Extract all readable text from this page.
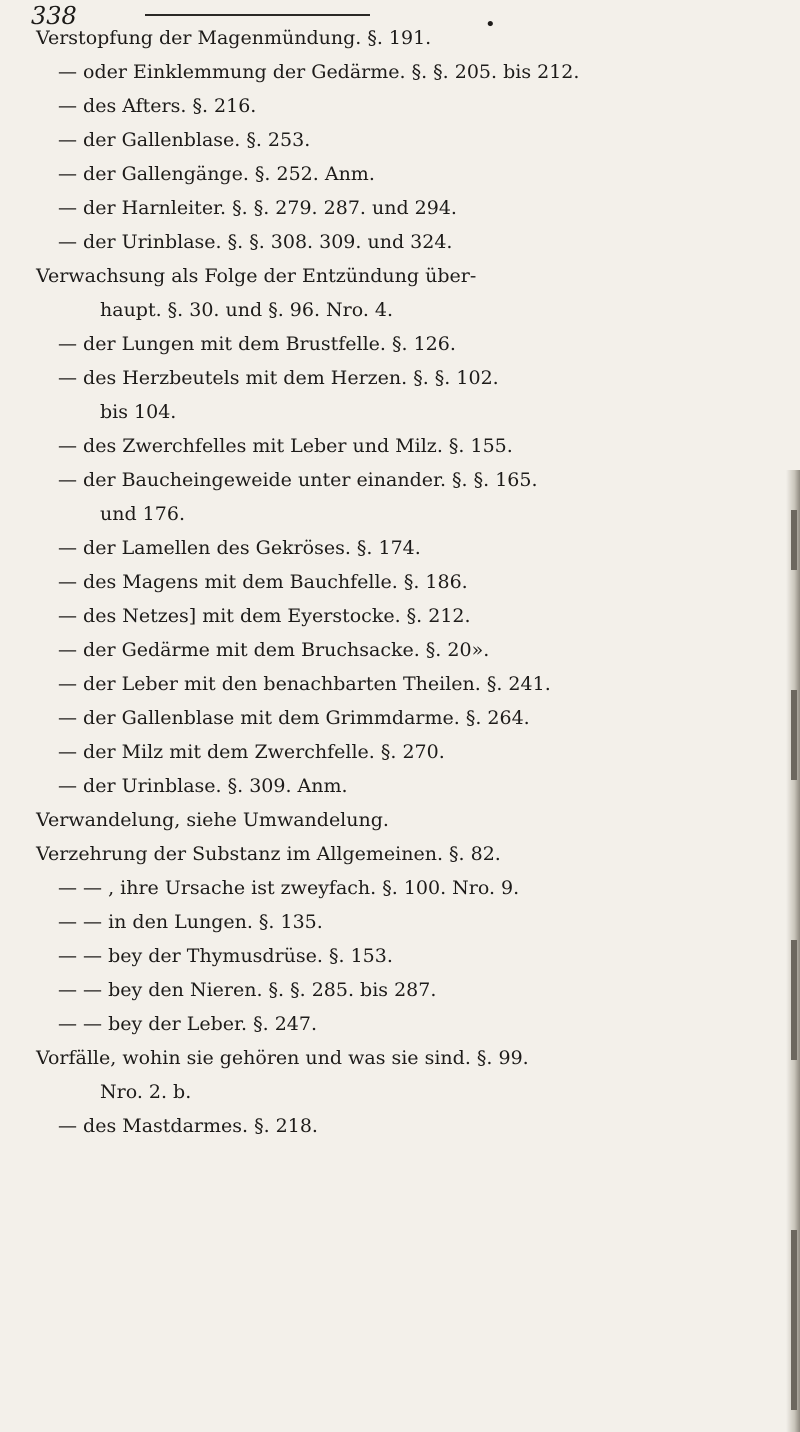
338	•
Verstopfung der Magenmündung. §. 191.
— oder Einklemmung der Gedärme. §. §. 205. bis 212.
— des Afters. §. 216.
— der Gallenblase. §. 253.
— der Gallengänge. §. 252. Anm.
— der Harnleiter. §. §. 279. 287. und 294.
— der Urinblase. §. §. 308. 309. und 324.
Verwachsung als Folge der Entzündung über-
haupt. §. 30. und §. 96. Nro. 4.
— der Lungen mit dem Brustfelle. §. 126.
— des Herzbeutels mit dem Herzen. §. §. 102.
bis 104.
— des Zwerchfelles mit Leber und Milz. §. 155.
— der Baucheingeweide unter einander. §. §. 165.
und 176.
— der Lamellen des Gekröses. §. 174.
— des Magens mit dem Bauchfelle. §. 186.
— des Netzes] mit dem Eyerstocke. §. 212.
— der Gedärme mit dem Bruchsacke. §. 20».
— der Leber mit den benachbarten Theilen. §. 241.
— der Gallenblase mit dem Grimmdarme. §. 264.
— der Milz mit dem Zwerchfelle. §. 270.
— der Urinblase. §. 309. Anm.
Verwandelung, siehe Umwandelung.
Verzehrung der Substanz im Allgemeinen. §. 82.
— — , ihre Ursache ist zweyfach. §. 100. Nro. 9.
— — in den Lungen. §. 135.
— — bey der Thymusdrüse. §. 153.
— — bey den Nieren. §. §. 285. bis 287.
— — bey der Leber. §. 247.
Vorfälle, wohin sie gehören und was sie sind. §. 99.
Nro. 2. b.
— des Mastdarmes. §. 218.
